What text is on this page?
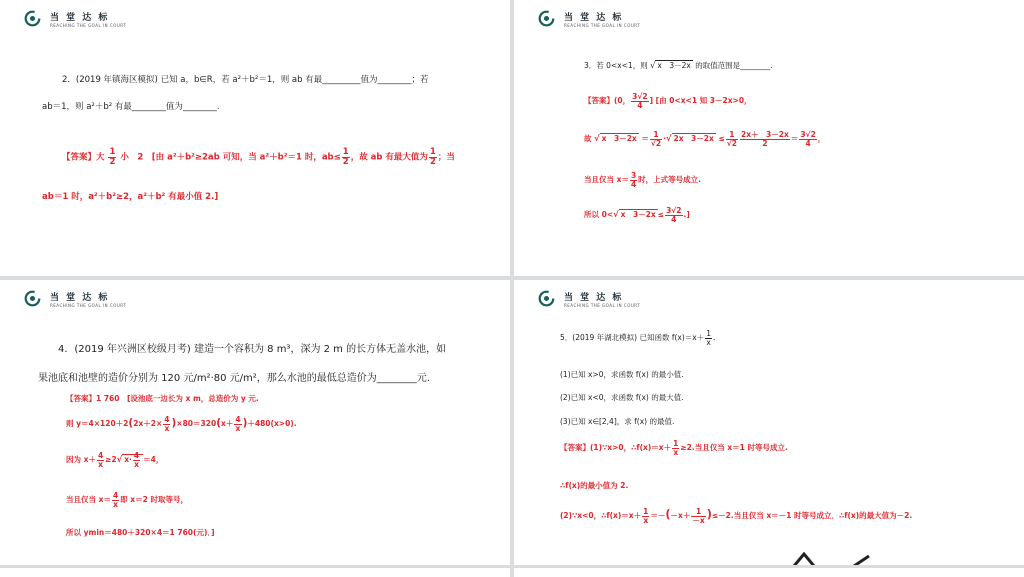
当 堂 达 标
REACHING THE GOAL IN COURT
2．(2019 年镇海区模拟) 已知 a，b∈R，若 a²＋b²＝1，则 ab 有最_________值为________；若
ab＝1，则 a²＋b² 有最________值为________.
【答案】大 $\frac{1}{2}$ 小　2　[由 a²＋b²≥2ab 可知，当 a²＋b²＝1 时，$ab\le \frac{1}{2}$ ，故 ab 有最大值为 $\frac{1}{2}$ ；当
ab＝1 时，a²＋b²≥2，a²＋b² 有最小值 2.]
当 堂 达 标
REACHING THE GOAL IN COURT
3．若 0<x<1，则 √ x　3－2x 的取值范围是________.
【答案】(0， $\frac{3√2}{4}$ ] [由 0<x<1 知 3－2x>0，
故 √ x　$3-2x = \frac{1}{√2}$ ·√ 2x　$3-2x \le \frac{1}{√2} \frac{2x+ 3-2x}{2} = \frac{3√2}{4}$ ，
当且仅当 $x= \frac{3}{4}$ 时，上式等号成立.
所以 0<√ x　$3-2x \le \frac{3√2}{4}$ .]
当 堂 达 标
REACHING THE GOAL IN COURT
4．(2019 年兴洲区校级月考) 建造一个容积为 8 m³，深为 2 m 的长方体无盖水池，如
果池底和池壁的造价分别为 120 元/m²·80 元/m²，那么水池的最低总造价为________元.
【答案】1 760　[设池底一边长为 x m，总造价为 y 元.
则 $y=4\times 120+2(2x+2\times \frac{4}{x} )\times 80=320(x+ \frac{4}{x} )+480(x>0)$.
因为 $x+ \frac{4}{x} \ge 2√$ $x\cdot \frac{4}{x} =4$，
当且仅当 $x= \frac{4}{x}$ 即 x＝2 时取等号，
所以 ymin＝480＋320×4＝1 760(元)．]
当 堂 达 标
REACHING THE GOAL IN COURT
5．(2019 年湖北模拟) 已知函数 $f(x)=x+ \frac{1}{x}$ .
(1)已知 x>0，求函数 f(x) 的最小值.
(2)已知 x<0，求函数 f(x) 的最大值.
(3)已知 x∈[2,4]，求 f(x) 的最值.
【答案】(1)∵x>0，∴f(x)＝x＋ $\frac{1}{x} \ge 2$.当且仅当 x＝1 时等号成立.
∴f(x)的最小值为 2.
(2)∵x<0，∴f(x)＝x＋ $\frac{1}{x} =-(-x+ \frac{1}{-x} )\le-2$.当且仅当 x＝－1 时等号成立．∴f(x)的最大值为－2.
